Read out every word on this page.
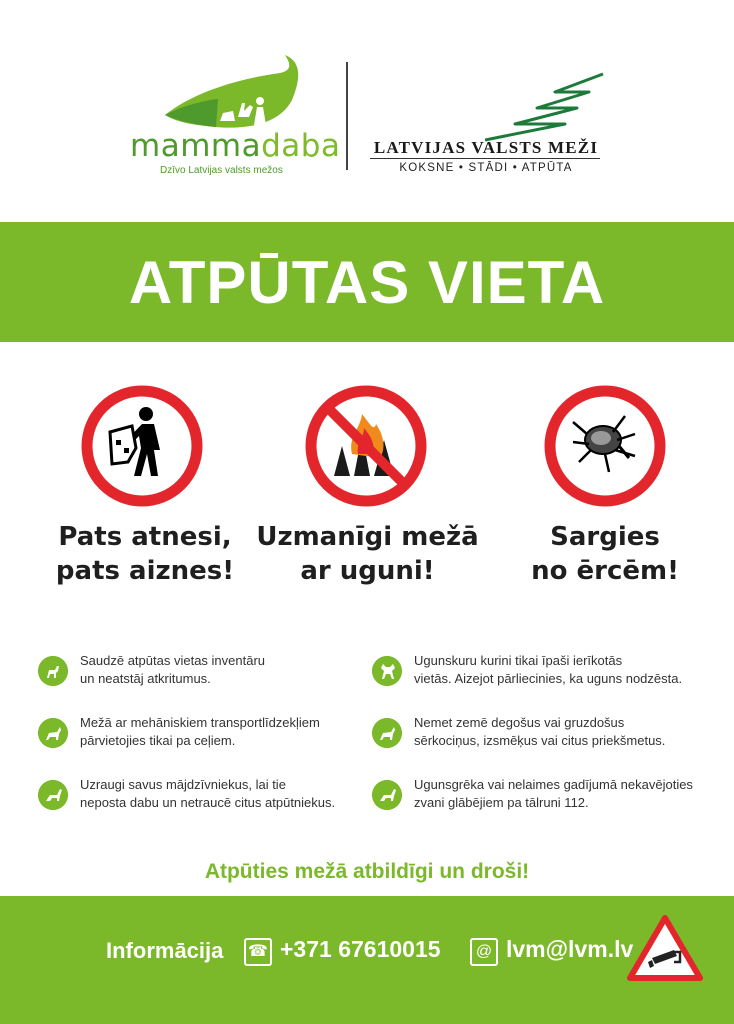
mammadaba
Dzīvo Latvijas valsts mežos
LATVIJAS VALSTS MEŽI
KOKSNE • STĀDI • ATPŪTA
ATPŪTAS VIETA
Pats atnesi,
pats aiznes!
Uzmanīgi mežā
ar uguni!
Sargies
no ērcēm!
Saudzē atpūtas vietas inventāru
un neatstāj atkritumus.
Mežā ar mehāniskiem transportlīdzekļiem
pārvietojies tikai pa ceļiem.
Uzraugi savus mājdzīvniekus, lai tie
neposta dabu un netraucē citus atpūtniekus.
Ugunskuru kurini tikai īpaši ierīkotās
vietās. Aizejot pārliecinies, ka uguns nodzēsta.
Nemet zemē degošus vai gruzdošus
sērkociņus, izsmēķus vai citus priekšmetus.
Ugunsgrēka vai nelaimes gadījumā nekavējoties
zvani glābējiem pa tālruni 112.
Atpūties mežā atbildīgi un droši!
Informācija ☎ +371 67610015	@ lvm@lvm.lv
